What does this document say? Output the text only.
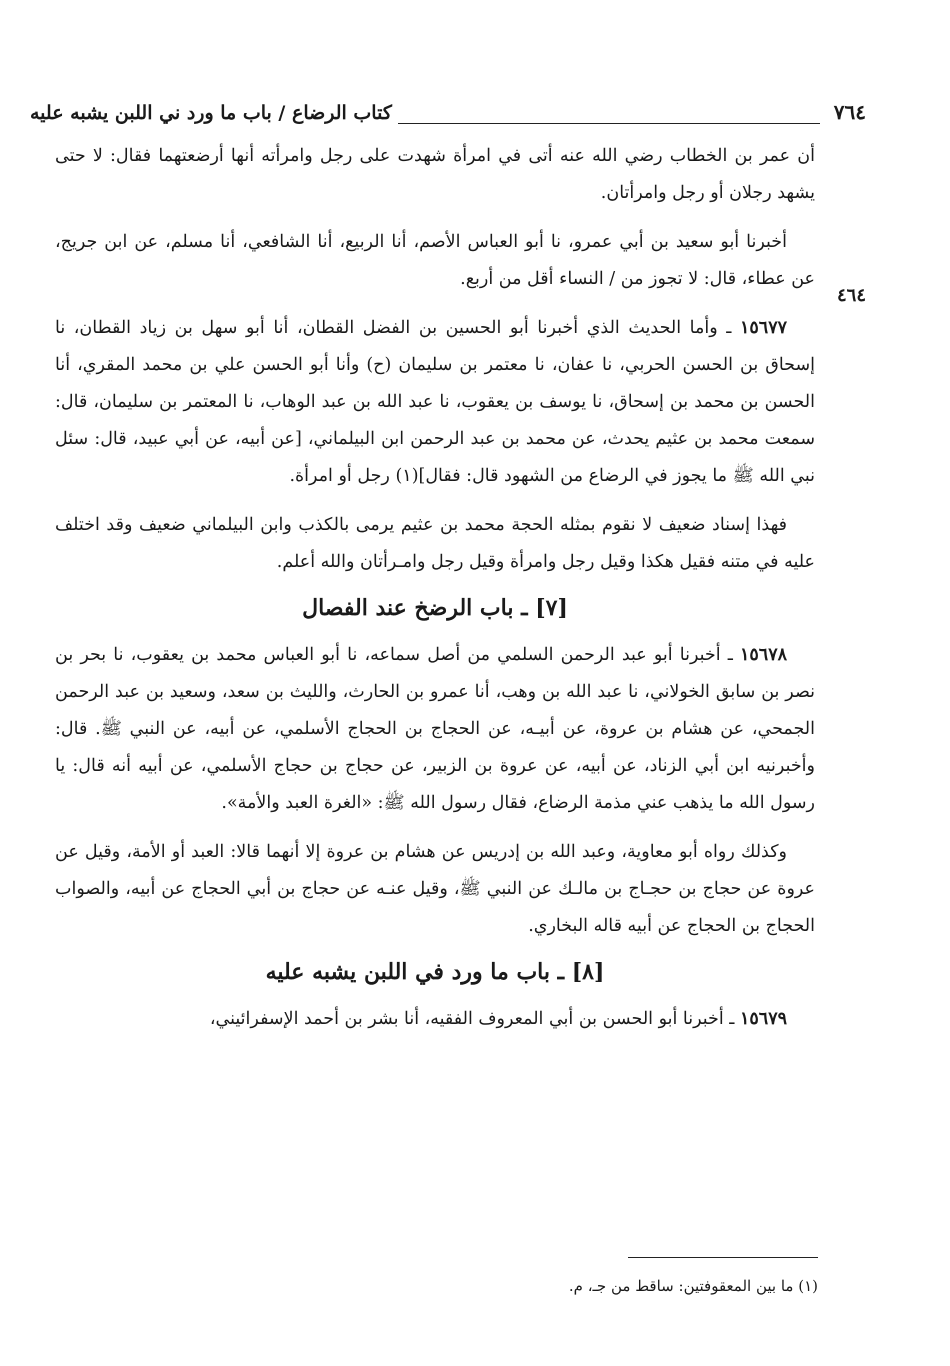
٧٦٤
كتاب الرضاع / باب ما ورد ني اللبن يشبه عليه
٤٦٤

أن عمر بن الخطاب رضي الله عنه أتى في امرأة شهدت على رجل وامرأته أنها أرضعتهما فقال: لا حتى يشهد رجلان أو رجل وامرأتان.

أخبرنا أبو سعيد بن أبي عمرو، نا أبو العباس الأصم، أنا الربيع، أنا الشافعي، أنا مسلم، عن ابن جريج، عن عطاء، قال: لا تجوز من / النساء أقل من أربع.

١٥٦٧٧ ـ وأما الحديث الذي أخبرنا أبو الحسين بن الفضل القطان، أنا أبو سهل بن زياد القطان، نا إسحاق بن الحسن الحربي، نا عفان، نا معتمر بن سليمان (ح) وأنا أبو الحسن علي بن محمد المقري، أنا الحسن بن محمد بن إسحاق، نا يوسف بن يعقوب، نا عبد الله بن عبد الوهاب، نا المعتمر بن سليمان، قال: سمعت محمد بن عثيم يحدث، عن محمد بن عبد الرحمن ابن البيلماني، [عن أبيه، عن أبي عبيد، قال: سئل نبي الله ﷺ ما يجوز في الرضاع من الشهود قال: فقال](١) رجل أو امرأة.

فهذا إسناد ضعيف لا نقوم بمثله الحجة محمد بن عثيم يرمى بالكذب وابن البيلماني ضعيف وقد اختلف عليه في متنه فقيل هكذا وقيل رجل وامرأة وقيل رجل وامـرأتان والله أعلم.

[٧] ـ باب الرضخ عند الفصال

١٥٦٧٨ ـ أخبرنا أبو عبد الرحمن السلمي من أصل سماعه، نا أبو العباس محمد بن يعقوب، نا بحر بن نصر بن سابق الخولاني، نا عبد الله بن وهب، أنا عمرو بن الحارث، والليث بن سعد، وسعيد بن عبد الرحمن الجمحي، عن هشام بن عروة، عن أبيـه، عن الحجاج بن الحجاج الأسلمي، عن أبيه، عن النبي ﷺ. قال: وأخبرنيه ابن أبي الزناد، عن أبيه، عن عروة بن الزبير، عن حجاج بن حجاج الأسلمي، عن أبيه أنه قال: يا رسول الله ما يذهب عني مذمة الرضاع، فقال رسول الله ﷺ: «الغرة العبد والأمة».

وكذلك رواه أبو معاوية، وعبد الله بن إدريس عن هشام بن عروة إلا أنهما قالا: العبد أو الأمة، وقيل عن عروة عن حجاج بن حجـاج بن مالـك عن النبي ﷺ، وقيل عنـه عن حجاج بن أبي الحجاج عن أبيه، والصواب الحجاج بن الحجاج عن أبيه قاله البخاري.

[٨] ـ باب ما ورد في اللبن يشبه عليه

١٥٦٧٩ ـ أخبرنا أبو الحسن بن أبي المعروف الفقيه، أنا بشر بن أحمد الإسفرائيني،

(١) ما بين المعقوفتين: ساقط من جـ، م.
